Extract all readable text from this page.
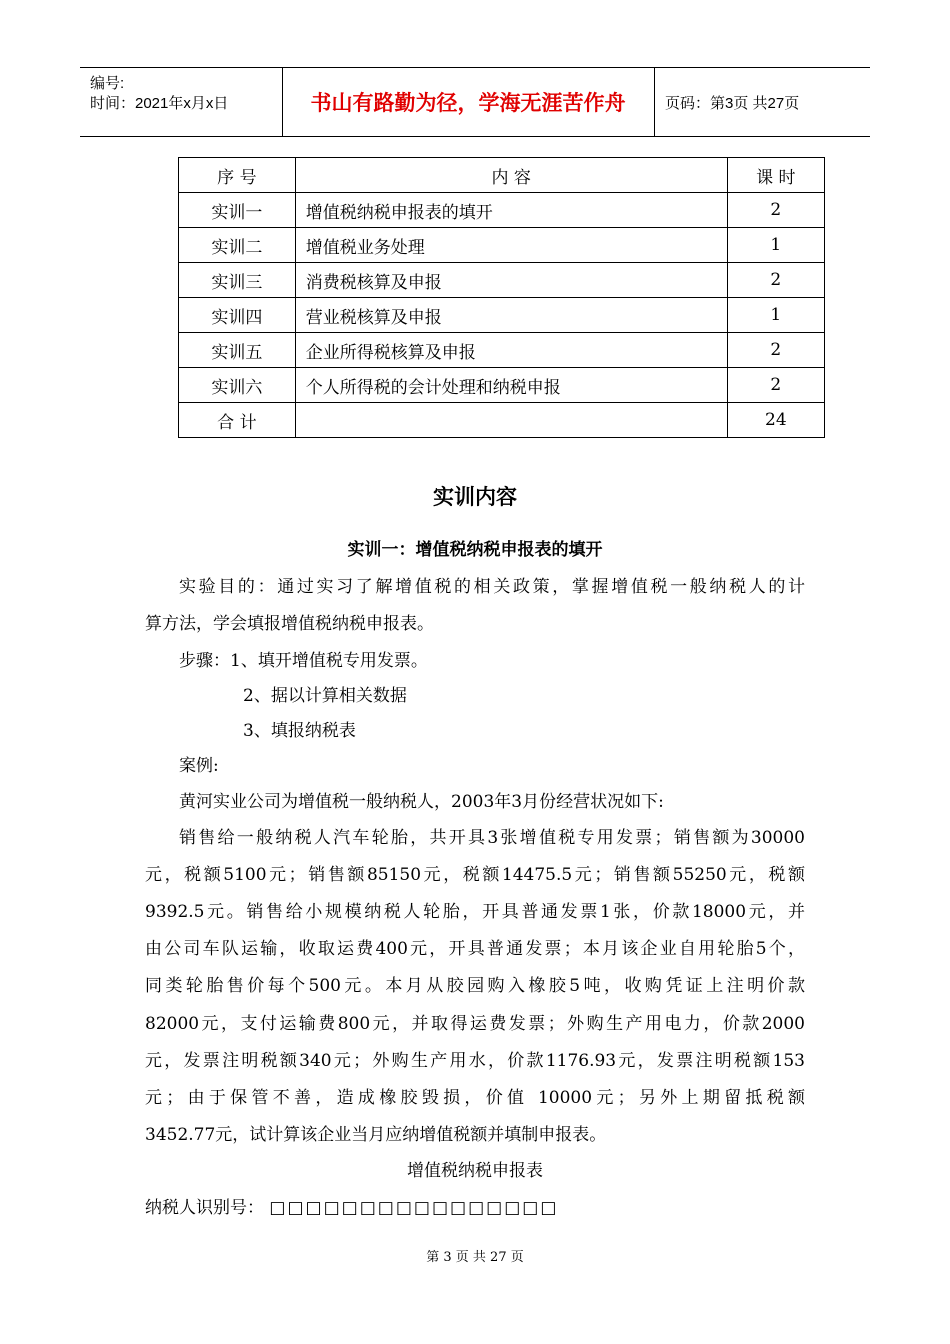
编号:
时间：2021年x月x日	书山有路勤为径，学海无涯苦作舟	页码：第3页 共27页
序 号	内 容	课 时
实训一	增值税纳税申报表的填开	2
实训二	增值税业务处理	1
实训三	消费税核算及申报	2
实训四	营业税核算及申报	1
实训五	企业所得税核算及申报	2
实训六	个人所得税的会计处理和纳税申报	2
合 计		24
实训内容
实训一：增值税纳税申报表的填开
实验目的：通过实习了解增值税的相关政策，掌握增值税一般纳税人的计
算方法，学会填报增值税纳税申报表。
步骤：1、填开增值税专用发票。
2、据以计算相关数据
3、填报纳税表
案例:
黄河实业公司为增值税一般纳税人，2003年3月份经营状况如下:
销售给一般纳税人汽车轮胎，共开具3张增值税专用发票；销售额为30000
元，税额5100元；销售额85150元，税额14475.5元；销售额55250元，税额
9392.5元。销售给小规模纳税人轮胎，开具普通发票1张，价款18000元，并
由公司车队运输，收取运费400元，开具普通发票；本月该企业自用轮胎5个，
同类轮胎售价每个500元。本月从胶园购入橡胶5吨，收购凭证上注明价款
82000元，支付运输费800元，并取得运费发票；外购生产用电力，价款2000
元，发票注明税额340元；外购生产用水，价款1176.93元，发票注明税额153
元；由于保管不善，造成橡胶毁损，价值 10000元；另外上期留抵税额
3452.77元，试计算该企业当月应纳增值税额并填制申报表。
增值税纳税申报表
纳税人识别号： □□□□□□□□□□□□□□□□
第 3 页 共 27 页
